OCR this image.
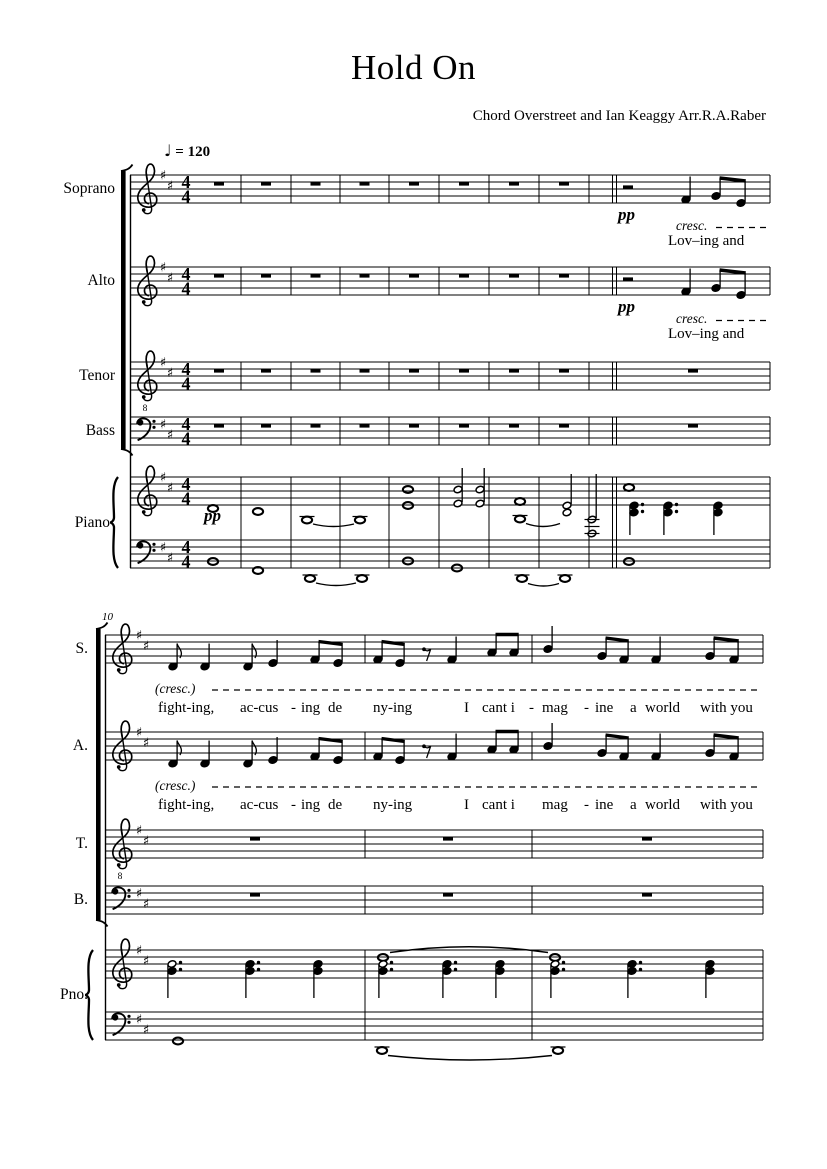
8
♯
♯
♯
♯
♯
♯
♯
♯
♯
♯
♯
♯
4
4
4
4
4
4
4
4
4
4
4
4
8
♯
♯
♯
♯
♯
♯
♯
♯
♯
♯
♯
♯
Hold On
Chord Overstreet and Ian Keaggy Arr.R.A.Raber
♩ = 120
Soprano
Alto
Tenor
Bass
Piano
pp
cresc.
Lov–ing and
pp
cresc.
Lov–ing and
pp
10
S.
A.
T.
B.
Pno.
(cresc.)
(cresc.)
fight-ing, ac-cus - ing de ny-ing	I cant i - mag - ine a world with you
fight-ing, ac-cus - ing de ny-ing	I cant i mag - ine a world with you
